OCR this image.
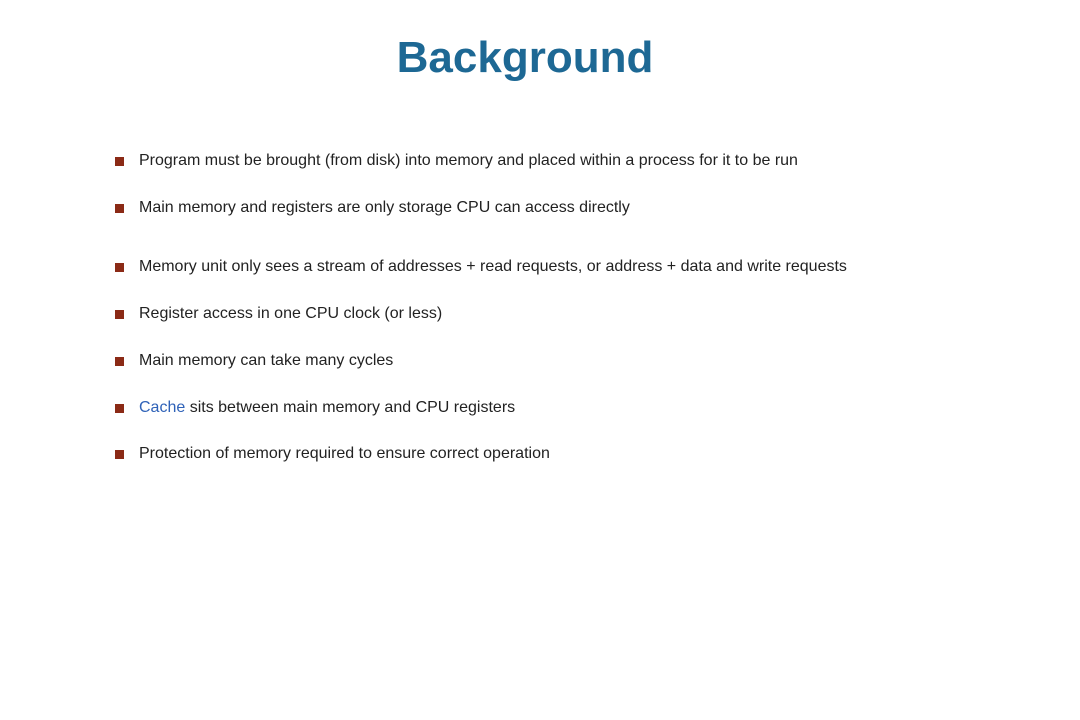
Background
Program must be brought (from disk) into memory and placed within a process for it to be run
Main memory and registers are only storage CPU can access directly
Memory unit only sees a stream of addresses + read requests, or address + data and write requests
Register access in one CPU clock (or less)
Main memory can take many cycles
Cache sits between main memory and CPU registers
Protection of memory required to ensure correct operation
